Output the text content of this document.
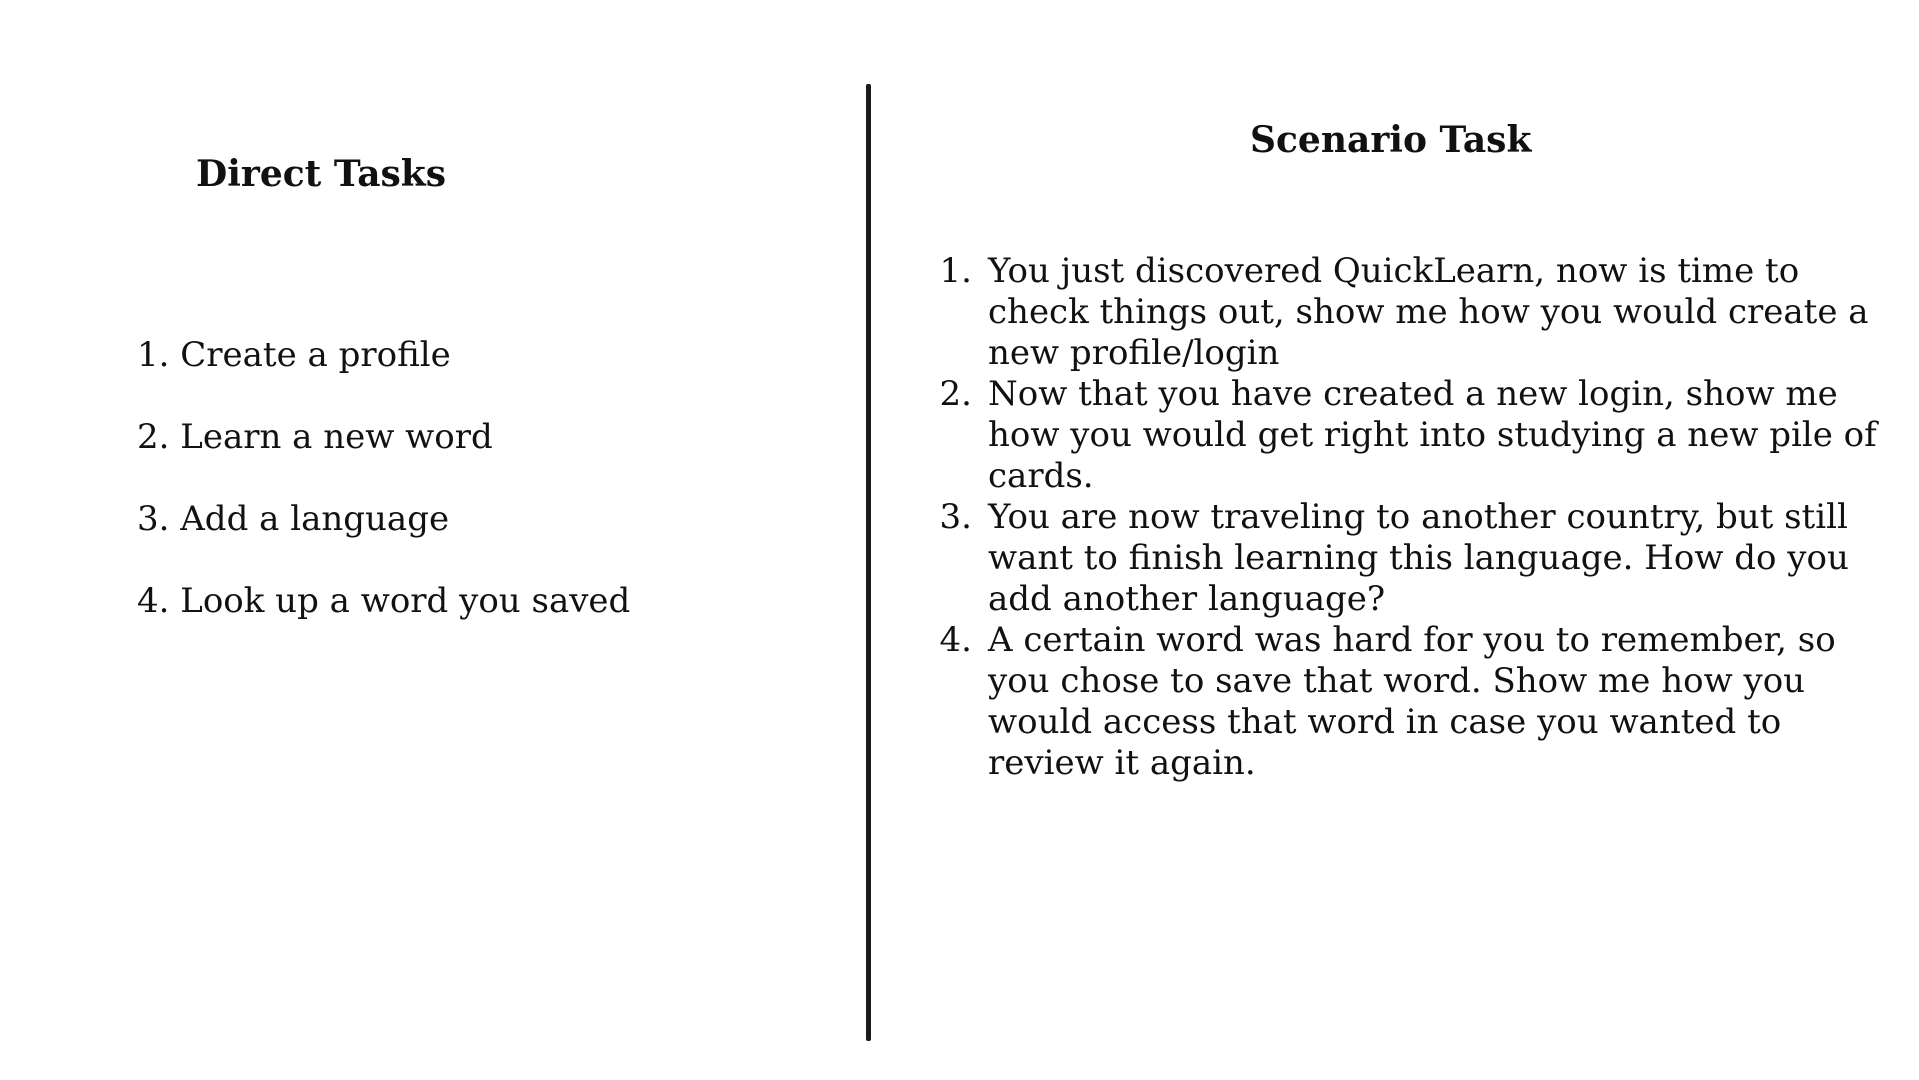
Direct Tasks
1. Create a profile
2. Learn a new word
3. Add a language
4. Look up a word you saved
Scenario Task
1. You just discovered QuickLearn, now is time to check things out, show me how you would create a new profile/login
2. Now that you have created a new login, show me how you would get right into studying a new pile of cards.
3. You are now traveling to another country, but still want to finish learning this language. How do you add another language?
4. A certain word was hard for you to remember, so you chose to save that word. Show me how you would access that word in case you wanted to review it again.
